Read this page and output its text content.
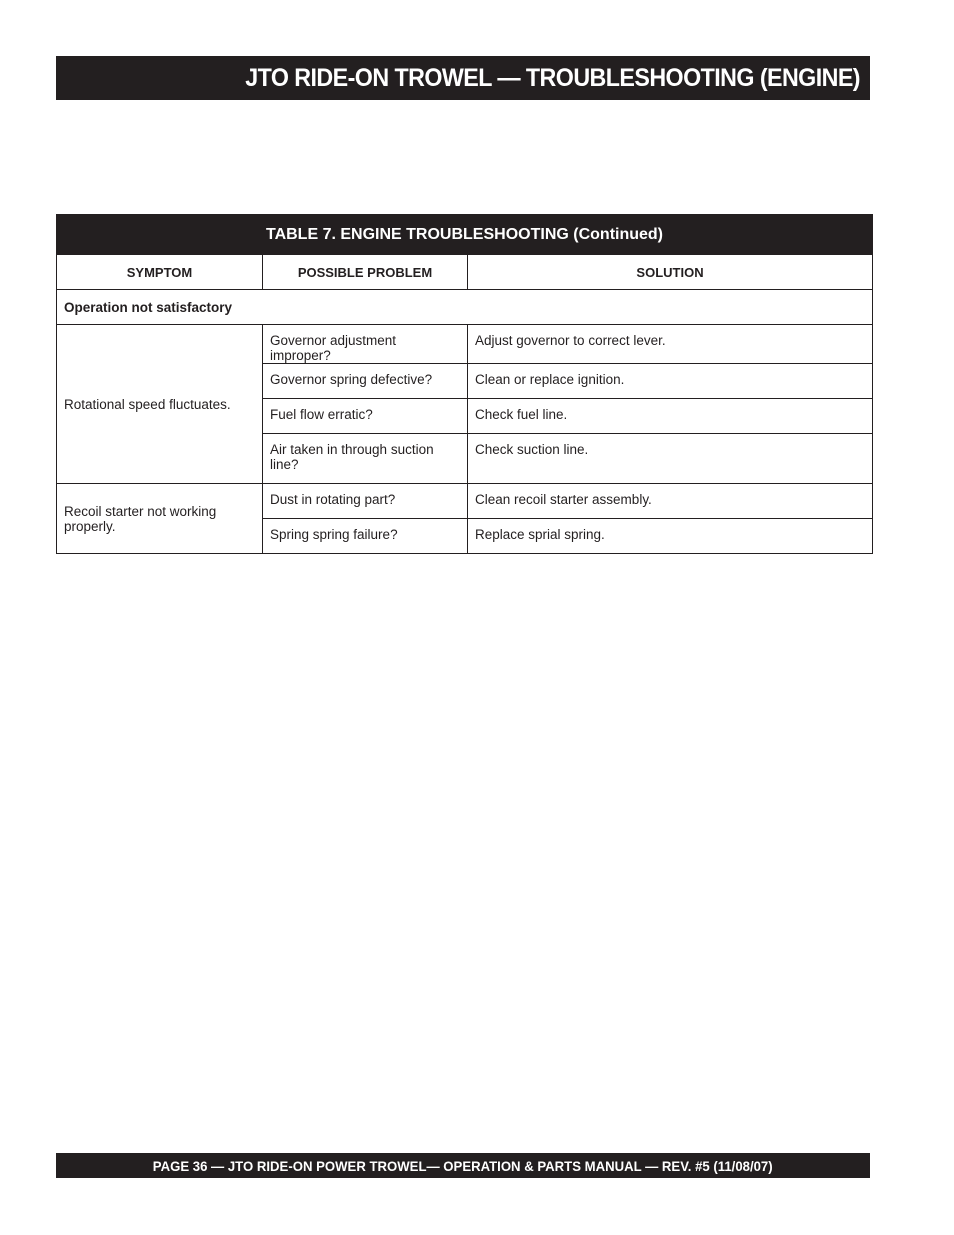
JTO RIDE-ON TROWEL — TROUBLESHOOTING (ENGINE)
TABLE 7. ENGINE TROUBLESHOOTING (Continued)		
SYMPTOM	POSSIBLE PROBLEM	SOLUTION
Operation not satisfactory		
Rotational speed fluctuates.	Governor adjustment improper?	Adjust governor to correct lever.
	Governor spring defective?	Clean or replace ignition.
	Fuel flow erratic?	Check fuel line.
	Air taken in through suction line?	Check suction line.
Recoil starter not working properly.	Dust in rotating part?	Clean recoil starter assembly.
	Spring spring failure?	Replace sprial spring.
PAGE 36 — JTO RIDE-ON POWER TROWEL— OPERATION & PARTS MANUAL — REV. #5 (11/08/07)
